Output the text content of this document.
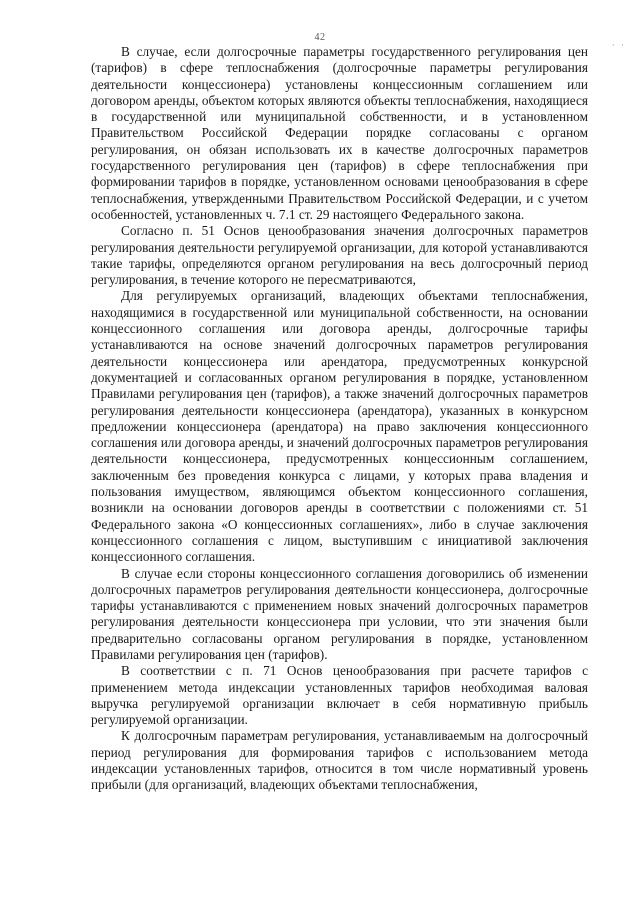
42
· ·

В случае, если долгосрочные параметры государственного регулирования цен (тарифов) в сфере теплоснабжения (долгосрочные параметры регулирования деятельности концессионера) установлены концессионным соглашением или договором аренды, объектом которых являются объекты теплоснабжения, находящиеся в государственной или муниципальной собственности, и в установленном Правительством Российской Федерации порядке согласованы с органом регулирования, он обязан использовать их в качестве долгосрочных параметров государственного регулирования цен (тарифов) в сфере теплоснабжения при формировании тарифов в порядке, установленном основами ценообразования в сфере теплоснабжения, утвержденными Правительством Российской Федерации, и с учетом особенностей, установленных ч. 7.1 ст. 29 настоящего Федерального закона.

Согласно п. 51 Основ ценообразования значения долгосрочных параметров регулирования деятельности регулируемой организации, для которой устанавливаются такие тарифы, определяются органом регулирования на весь долгосрочный период регулирования, в течение которого не пересматриваются,

Для регулируемых организаций, владеющих объектами теплоснабжения, находящимися в государственной или муниципальной собственности, на основании концессионного соглашения или договора аренды, долгосрочные тарифы устанавливаются на основе значений долгосрочных параметров регулирования деятельности концессионера или арендатора, предусмотренных конкурсной документацией и согласованных органом регулирования в порядке, установленном Правилами регулирования цен (тарифов), а также значений долгосрочных параметров регулирования деятельности концессионера (арендатора), указанных в конкурсном предложении концессионера (арендатора) на право заключения концессионного соглашения или договора аренды, и значений долгосрочных параметров регулирования деятельности концессионера, предусмотренных концессионным соглашением, заключенным без проведения конкурса с лицами, у которых права владения и пользования имуществом, являющимся объектом концессионного соглашения, возникли на основании договоров аренды в соответствии с положениями ст. 51 Федерального закона «О концессионных соглашениях», либо в случае заключения концессионного соглашения с лицом, выступившим с инициативой заключения концессионного соглашения.

В случае если стороны концессионного соглашения договорились об изменении долгосрочных параметров регулирования деятельности концессионера, долгосрочные тарифы устанавливаются с применением новых значений долгосрочных параметров регулирования деятельности концессионера при условии, что эти значения были предварительно согласованы органом регулирования в порядке, установленном Правилами регулирования цен (тарифов).

В соответствии с п. 71 Основ ценообразования при расчете тарифов с применением метода индексации установленных тарифов необходимая валовая выручка регулируемой организации включает в себя нормативную прибыль регулируемой организации.

К долгосрочным параметрам регулирования, устанавливаемым на долгосрочный период регулирования для формирования тарифов с использованием метода индексации установленных тарифов, относится в том числе нормативный уровень прибыли (для организаций, владеющих объектами теплоснабжения,
